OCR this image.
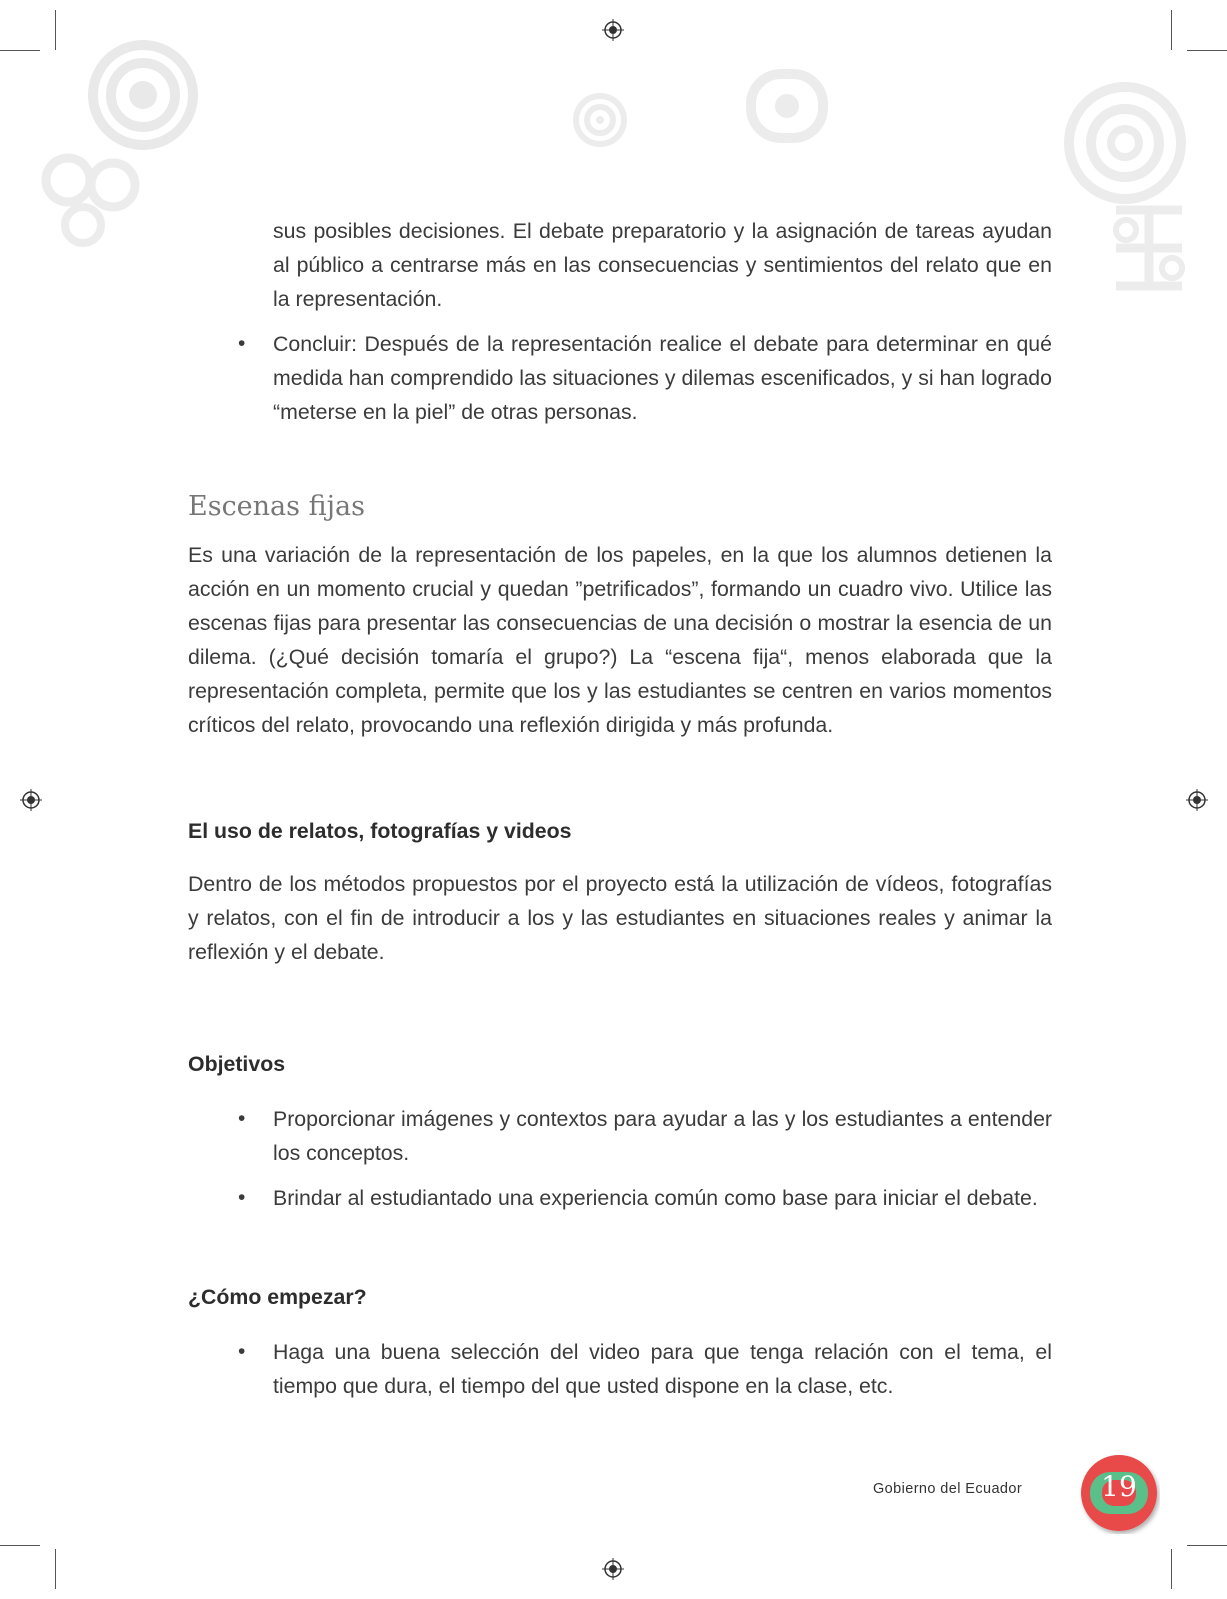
sus posibles decisiones. El debate preparatorio y la asignación de tareas ayudan al público a centrarse más en las consecuencias y sentimientos del relato que en la representación.

• Concluir: Después de la representación realice el debate para determinar en qué medida han comprendido las situaciones y dilemas escenificados, y si han logrado “meterse en la piel” de otras personas.

Escenas fijas

Es una variación de la representación de los papeles, en la que los alumnos detienen la acción en un momento crucial y quedan ”petrificados”, formando un cuadro vivo. Utilice las escenas fijas para presentar las consecuencias de una decisión o mostrar la esencia de un dilema. (¿Qué decisión tomaría el grupo?) La “escena fija“, menos elaborada que la representación completa, permite que los y las estudiantes se centren en varios momentos críticos del relato, provocando una reflexión dirigida y más profunda.

El uso de relatos, fotografías y videos

Dentro de los métodos propuestos por el proyecto está la utilización de vídeos, fotografías y relatos, con el fin de introducir a los y las estudiantes en situaciones reales y animar la reflexión y el debate.

Objetivos
• Proporcionar imágenes y contextos para ayudar a las y los estudiantes a entender los conceptos.

• Brindar al estudiantado una experiencia común como base para iniciar el debate.

¿Cómo empezar?
• Haga una buena selección del video para que tenga relación con el tema, el tiempo que dura, el tiempo del que usted dispone en la clase, etc.

Gobierno del Ecuador	19
